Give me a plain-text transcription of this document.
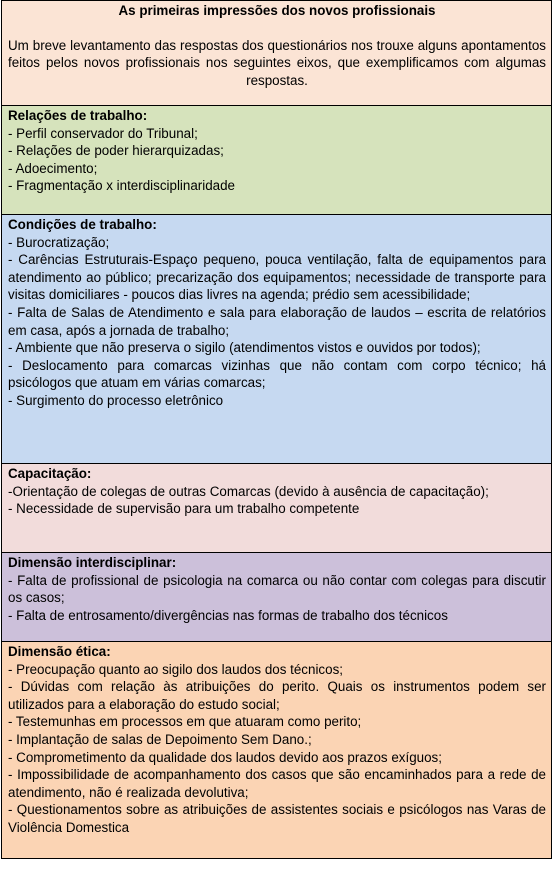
As primeiras impressões dos novos profissionais
Um breve levantamento das respostas dos questionários nos trouxe alguns apontamentos feitos pelos novos profissionais nos seguintes eixos, que exemplificamos com algumas respostas.
Relações de trabalho:
- Perfil conservador do Tribunal;
- Relações de poder hierarquizadas;
- Adoecimento;
- Fragmentação x interdisciplinaridade
Condições de trabalho:
- Burocratização;
- Carências Estruturais-Espaço pequeno, pouca ventilação, falta de equipamentos para atendimento ao público; precarização dos equipamentos; necessidade de transporte para visitas domiciliares - poucos dias livres na agenda; prédio sem acessibilidade;
- Falta de Salas de Atendimento e sala para elaboração de laudos – escrita de relatórios em casa, após a jornada de trabalho;
- Ambiente que não preserva o sigilo (atendimentos vistos e ouvidos por todos);
- Deslocamento para comarcas vizinhas que não contam com corpo técnico; há psicólogos que atuam em várias comarcas;
- Surgimento do processo eletrônico
Capacitação:
-Orientação de colegas de outras Comarcas (devido à ausência de capacitação);
- Necessidade de supervisão para um trabalho competente
Dimensão interdisciplinar:
- Falta de profissional de psicologia na comarca ou não contar com colegas para discutir os casos;
- Falta de entrosamento/divergências nas formas de trabalho dos técnicos
Dimensão ética:
- Preocupação quanto ao sigilo dos laudos dos técnicos;
- Dúvidas com relação às atribuições do perito. Quais os instrumentos podem ser utilizados para a elaboração do estudo social;
- Testemunhas em processos em que atuaram como perito;
- Implantação de salas de Depoimento Sem Dano.;
- Comprometimento da qualidade dos laudos devido aos prazos exíguos;
- Impossibilidade de acompanhamento dos casos que são encaminhados para a rede de atendimento, não é realizada devolutiva;
- Questionamentos sobre as atribuições de assistentes sociais e psicólogos nas Varas de Violência Domestica
